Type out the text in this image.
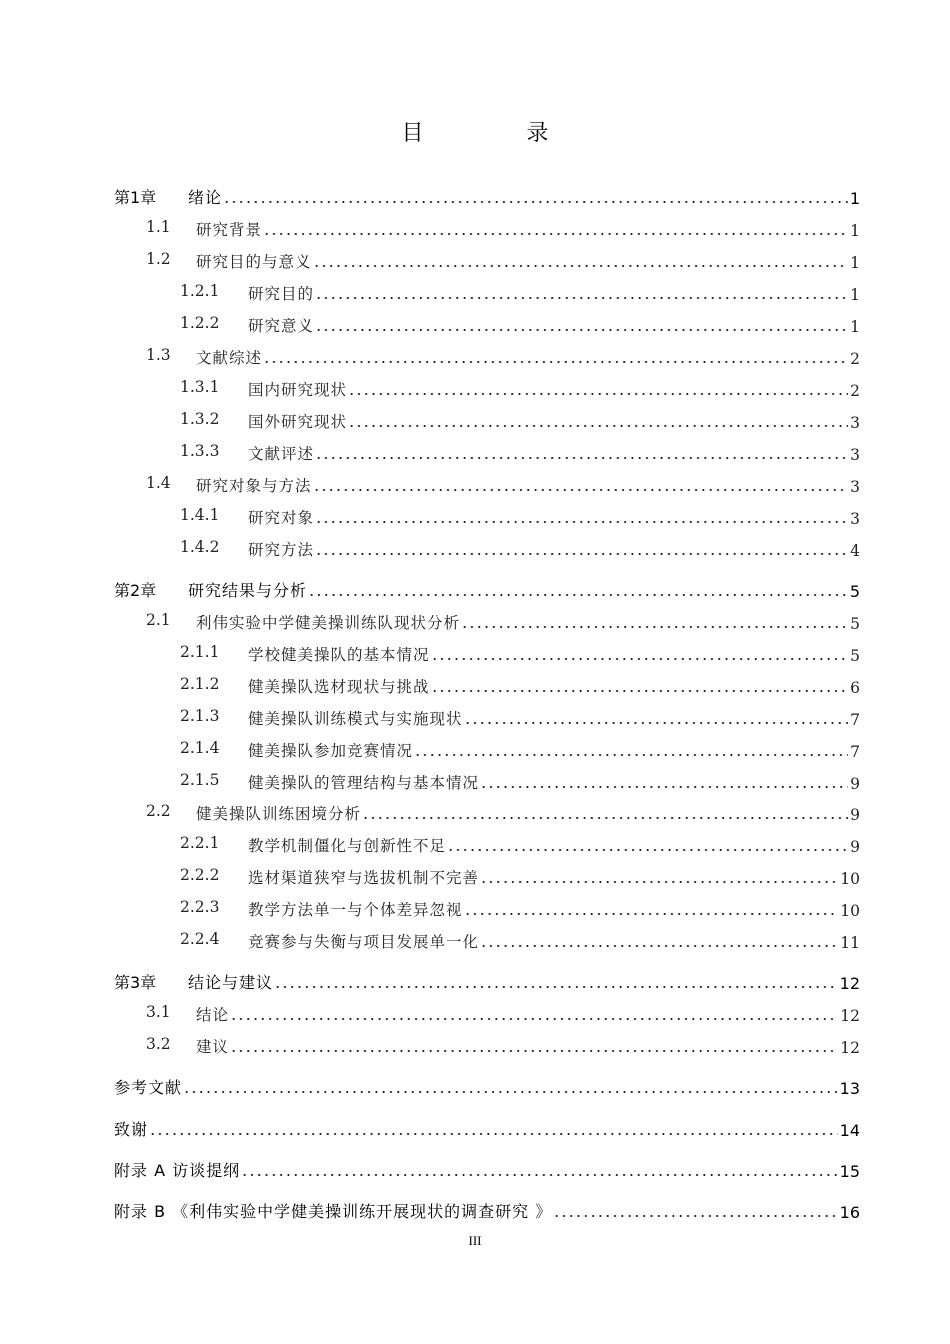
目 录
第1章	绪论	1
1.1	研究背景	1
1.2	研究目的与意义	1
1.2.1	研究目的	1
1.2.2	研究意义	1
1.3	文献综述	2
1.3.1	国内研究现状	2
1.3.2	国外研究现状	3
1.3.3	文献评述	3
1.4	研究对象与方法	3
1.4.1	研究对象	3
1.4.2	研究方法	4
第2章	研究结果与分析	5
2.1	利伟实验中学健美操训练队现状分析	5
2.1.1	学校健美操队的基本情况	5
2.1.2	健美操队选材现状与挑战	6
2.1.3	健美操队训练模式与实施现状	7
2.1.4	健美操队参加竞赛情况	7
2.1.5	健美操队的管理结构与基本情况	9
2.2	健美操队训练困境分析	9
2.2.1	教学机制僵化与创新性不足	9
2.2.2	选材渠道狭窄与选拔机制不完善	10
2.2.3	教学方法单一与个体差异忽视	10
2.2.4	竞赛参与失衡与项目发展单一化	11
第3章	结论与建议	12
3.1	结论	12
3.2	建议	12
参考文献	13
致谢	14
附录 A 访谈提纲	15
附录 B 《利伟实验中学健美操训练开展现状的调查研究 》	16
III
